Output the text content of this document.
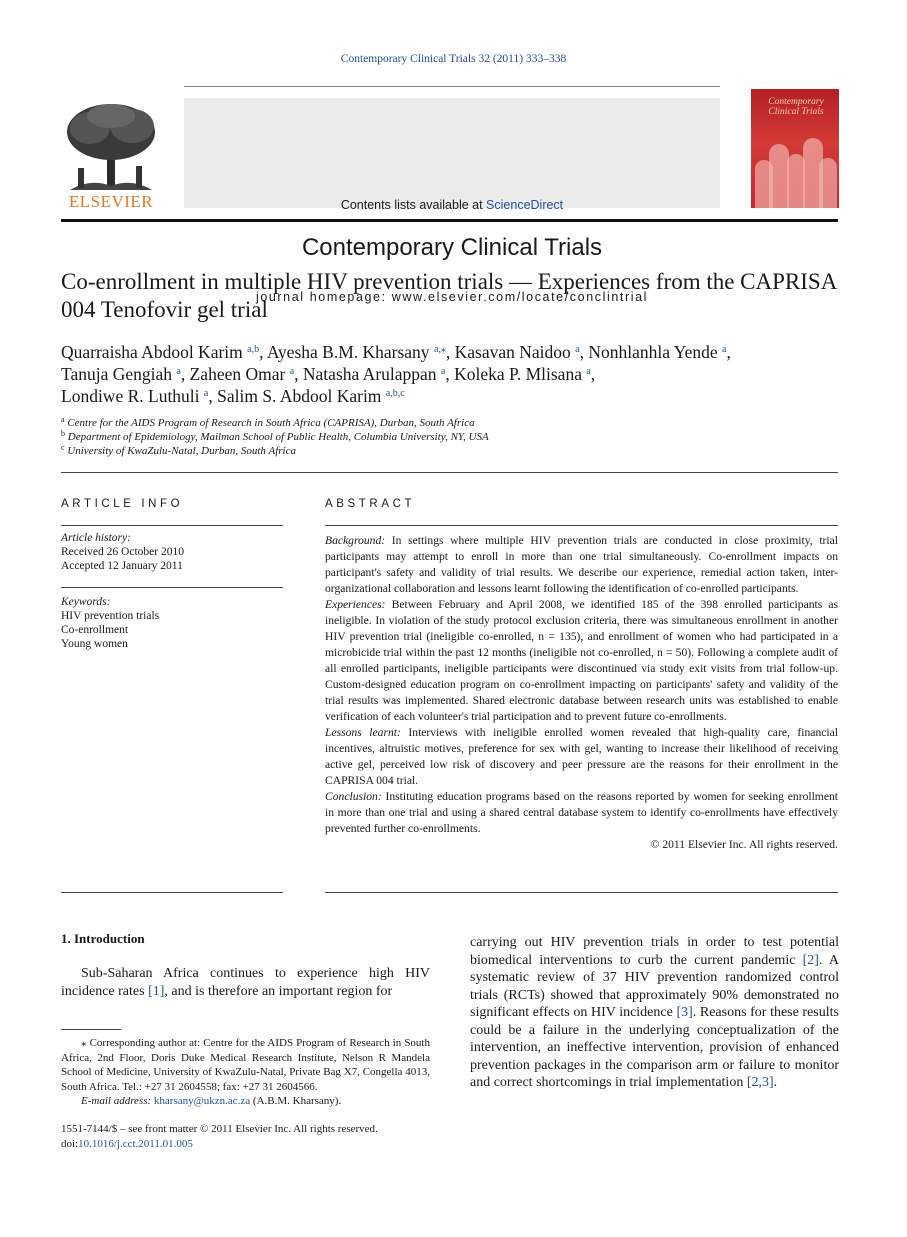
Contemporary Clinical Trials 32 (2011) 333–338
ELSEVIER	Contents lists available at ScienceDirect
Contemporary Clinical Trials
journal homepage: www.elsevier.com/locate/conclintrial
Contemporary Clinical Trials
Co-enrollment in multiple HIV prevention trials — Experiences from the CAPRISA 004 Tenofovir gel trial
Quarraisha Abdool Karim $^{a,b}$, Ayesha B.M. Kharsany $^{a,⁎}$, Kasavan Naidoo $^a$, Nonhlanhla Yende $^a$,
Tanuja Gengiah $^a$, Zaheen Omar $^a$, Natasha Arulappan $^a$, Koleka P. Mlisana $^a$,
Londiwe R. Luthuli $^a$, Salim S. Abdool Karim $^{a,b,c}$
$^a$ Centre for the AIDS Program of Research in South Africa (CAPRISA), Durban, South Africa
$^b$ Department of Epidemiology, Mailman School of Public Health, Columbia University, NY, USA
$^c$ University of KwaZulu-Natal, Durban, South Africa
ARTICLE INFO
Article history:
Received 26 October 2010
Accepted 12 January 2011
Keywords:
HIV prevention trials
Co-enrollment
Young women
ABSTRACT

Background: In settings where multiple HIV prevention trials are conducted in close proximity, trial participants may attempt to enroll in more than one trial simultaneously. Co-enrollment impacts on participant's safety and validity of trial results. We describe our experience, remedial action taken, inter-organizational collaboration and lessons learnt following the identification of co-enrolled participants.

Experiences: Between February and April 2008, we identified 185 of the 398 enrolled participants as ineligible. In violation of the study protocol exclusion criteria, there was simultaneous enrollment in another HIV prevention trial (ineligible co-enrolled, n = 135), and enrollment of women who had participated in a microbicide trial within the past 12 months (ineligible not co-enrolled, n = 50). Following a complete audit of all enrolled participants, ineligible participants were discontinued via study exit visits from trial follow-up. Custom-designed education program on co-enrollment impacting on participants' safety and validity of the trial results was implemented. Shared electronic database between research units was established to enable verification of each volunteer's trial participation and to prevent future co-enrollments.

Lessons learnt: Interviews with ineligible enrolled women revealed that high-quality care, financial incentives, altruistic motives, preference for sex with gel, wanting to increase their likelihood of receiving active gel, perceived low risk of discovery and peer pressure are the reasons for their enrollment in the CAPRISA 004 trial.

Conclusion: Instituting education programs based on the reasons reported by women for seeking enrollment in more than one trial and using a shared central database system to identify co-enrollments have effectively prevented further co-enrollments.

© 2011 Elsevier Inc. All rights reserved.

1. Introduction

Sub-Saharan Africa continues to experience high HIV incidence rates [1], and is therefore an important region for

carrying out HIV prevention trials in order to test potential biomedical interventions to curb the current pandemic [2]. A systematic review of 37 HIV prevention randomized control trials (RCTs) showed that approximately 90% demonstrated no significant effects on HIV incidence [3]. Reasons for these results could be a failure in the underlying conceptualization of the intervention, an ineffective intervention, provision of enhanced prevention packages in the comparison arm or failure to monitor and correct shortcomings in trial implementation [2,3].

⁎ Corresponding author at: Centre for the AIDS Program of Research in South Africa, 2nd Floor, Doris Duke Medical Research Institute, Nelson R Mandela School of Medicine, University of KwaZulu-Natal, Private Bag X7, Congella 4013, South Africa. Tel.: +27 31 2604558; fax: +27 31 2604566.

E-mail address: kharsany@ukzn.ac.za (A.B.M. Kharsany).

1551-7144/$ – see front matter © 2011 Elsevier Inc. All rights reserved.
doi:10.1016/j.cct.2011.01.005
